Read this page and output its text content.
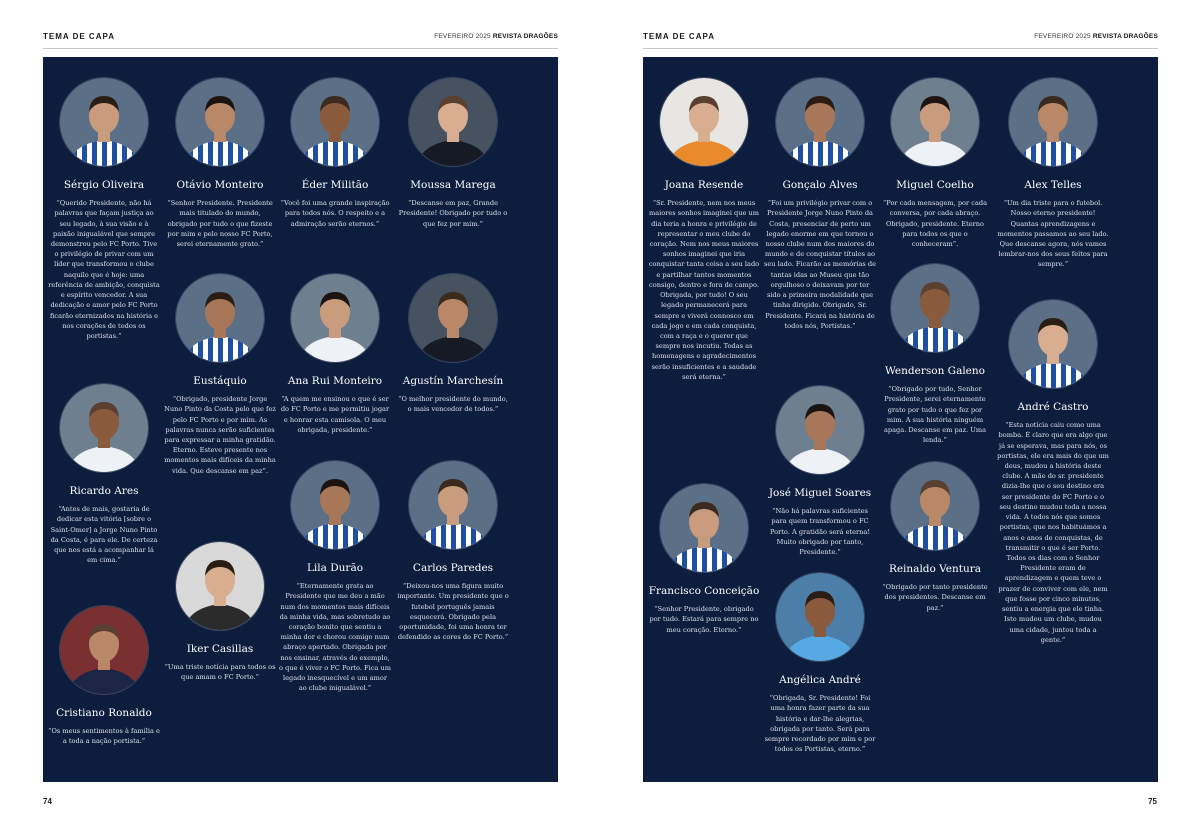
TEMA DE CAPA	FEVEREIRO 2025 REVISTA DRAGÕES
Sérgio Oliveira
“Querido Presidente, não há palavras que façam justiça ao seu legado, à sua visão e à paixão inigualável que sempre demonstrou pelo FC Porto. Tive o privilégio de privar com um líder que transformou o clube naquilo que é hoje: uma referência de ambição, conquista e espírito vencedor. A sua dedicação e amor pelo FC Porto ficarão eternizados na história e nos corações de todos os portistas.”
Otávio Monteiro
“Senhor Presidente. Presidente mais titulado do mundo, obrigado por tudo o que fizeste por mim e pelo nosso FC Porto, serei eternamente grato.”
Éder Militão
“Você foi uma grande inspiração para todos nós. O respeito e a admiração serão eternos.”
Moussa Marega
“Descanse em paz, Grande Presidente! Obrigado por tudo o que fez por mim.”
Eustáquio
“Obrigado, presidente Jorge Nuno Pinto da Costa pelo que fez pelo FC Porto e por mim. As palavras nunca serão suficientes para expressar a minha gratidão. Eterno. Esteve presente nos momentos mais difíceis da minha vida. Que descanse em paz”.
Ana Rui Monteiro
“A quem me ensinou o que é ser do FC Porto e me permitiu jogar e honrar esta camisola. O meu obrigada, presidente.”
Agustín Marchesín
“O melhor presidente do mundo, o mais vencedor de todos.”
Ricardo Ares
“Antes de mais, gostaria de dedicar esta vitória [sobre o Saint-Omer] a Jorge Nuno Pinto da Costa, é para ele. De certeza que nos está a acompanhar lá em cima.”
Iker Casillas
“Uma triste notícia para todos os que amam o FC Porto.”
Lila Durão
“Eternamente grata ao Presidente que me deu a mão num dos momentos mais difíceis da minha vida, mas sobretudo ao coração bonito que sentiu a minha dor e chorou comigo num abraço apertado. Obrigada por nos ensinar, através do exemplo, o que é viver o FC Porto. Fica um legado inesquecível e um amor ao clube inigualável.”
Carlos Paredes
“Deixou-nos uma figura muito importante. Um presidente que o futebol português jamais esquecerá. Obrigado pela oportunidade, foi uma honra ter defendido as cores do FC Porto.”
Cristiano Ronaldo
“Os meus sentimentos à família e a toda a nação portista.”
74
TEMA DE CAPA	FEVEREIRO 2025 REVISTA DRAGÕES
Joana Resende
“Sr. Presidente, nem nos meus maiores sonhos imaginei que um dia teria a honra e privilégio de representar o meu clube do coração. Nem nos meus maiores sonhos imaginei que iria conquistar tanta coisa a seu lado e partilhar tantos momentos consigo, dentro e fora de campo. Obrigada, por tudo! O seu legado permanecerá para sempre e viverá connosco em cada jogo e em cada conquista, com a raça e o querer que sempre nos incutiu. Todas as homenagens e agradecimentos serão insuficientes e a saudade será eterna.”
Gonçalo Alves
“Foi um privilégio privar com o Presidente Jorge Nuno Pinto da Costa, presenciar de perto um legado enorme em que tornou o nosso clube num dos maiores do mundo e de conquistar títulos ao seu lado. Ficarão as memórias de tantas idas ao Museu que tão orgulhoso o deixavam por ter sido a primeira modalidade que tinha dirigido. Obrigado, Sr. Presidente. Ficará na história de todos nós, Portistas.”
Miguel Coelho
“Por cada mensagem, por cada conversa, por cada abraço. Obrigado, presidente. Eterno para todos os que o conheceram”.
Alex Telles
“Um dia triste para o futebol. Nosso eterno presidente! Quantas aprendizagens e momentos passamos ao seu lado. Que descanse agora, nós vamos lembrar-nos dos seus feitos para sempre.”
Wenderson Galeno
“Obrigado por tudo, Senhor Presidente, serei eternamente grato por tudo o que fez por mim. A sua história ninguém apaga. Descanse em paz. Uma lenda.”
André Castro
“Esta notícia caiu como uma bomba. É claro que era algo que já se esperava, mas para nós, os portistas, ele era mais do que um deus, mudou a história deste clube. A mãe do sr. presidente dizia-lhe que o seu destino era ser presidente do FC Porto e o seu destino mudou toda a nossa vida. A todos nós que somos portistas, que nos habituámos a anos e anos de conquistas, de transmitir o que é ser Porto. Todos os dias com o Senhor Presidente eram de aprendizagem e quem teve o prazer de conviver com ele, nem que fosse por cinco minutos, sentiu a energia que ele tinha. Isto mudou um clube, mudou uma cidade, juntou toda a gente.”
José Miguel Soares
“Não há palavras suficientes para quem transformou o FC Porto. A gratidão será eterna! Muito obrigado por tanto, Presidente.”
Francisco Conceição
“Senhor Presidente, obrigado por tudo. Estará para sempre no meu coração. Eterno.”
Reinaldo Ventura
“Obrigado por tanto presidente dos presidentes. Descanse em paz.”
Angélica André
“Obrigada, Sr. Presidente! Foi uma honra fazer parte da sua história e dar-lhe alegrias, obrigada por tanto. Será para sempre recordado por mim e por todos os Portistas, eterno.”
75
